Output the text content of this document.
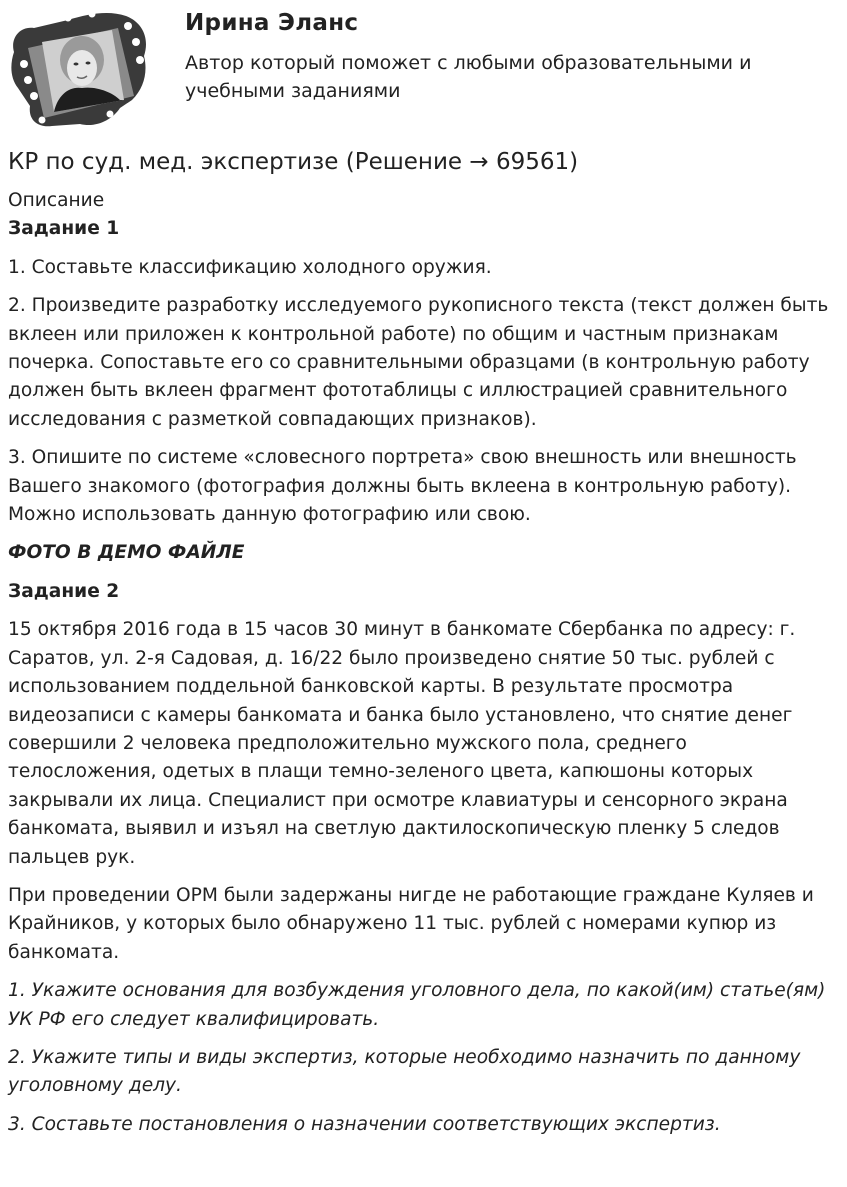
Ирина Эланс
Автор который поможет с любыми образовательными и учебными заданиями
КР по суд. мед. экспертизе (Решение → 69561)

Описание

Задание 1

1. Составьте классификацию холодного оружия.

2. Произведите разработку исследуемого рукописного текста (текст должен быть вклеен или приложен к контрольной работе) по общим и частным признакам почерка. Сопоставьте его со сравнительными образцами (в контрольную работу должен быть вклеен фрагмент фототаблицы с иллюстрацией сравнительного исследования с разметкой совпадающих признаков).

3. Опишите по системе «словесного портрета» свою внешность или внешность Вашего знакомого (фотография должны быть вклеена в контрольную работу). Можно использовать данную фотографию или свою.

ФОТО В ДЕМО ФАЙЛЕ

Задание 2

15 октября 2016 года в 15 часов 30 минут в банкомате Сбербанка по адресу: г. Саратов, ул. 2-я Садовая, д. 16/22 было произведено снятие 50 тыс. рублей с использованием поддельной банковской карты. В результате просмотра видеозаписи с камеры банкомата и банка было установлено, что снятие денег совершили 2 человека предположительно мужского пола, среднего телосложения, одетых в плащи темно-зеленого цвета, капюшоны которых закрывали их лица. Специалист при осмотре клавиатуры и сенсорного экрана банкомата, выявил и изъял на светлую дактилоскопическую пленку 5 следов пальцев рук.

При проведении ОРМ были задержаны нигде не работающие граждане Куляев и Крайников, у которых было обнаружено 11 тыс. рублей с номерами купюр из банкомата.

1. Укажите основания для возбуждения уголовного дела, по какой(им) статье(ям) УК РФ его следует квалифицировать.

2. Укажите типы и виды экспертиз, которые необходимо назначить по данному уголовному делу.

3. Составьте постановления о назначении соответствующих экспертиз.
